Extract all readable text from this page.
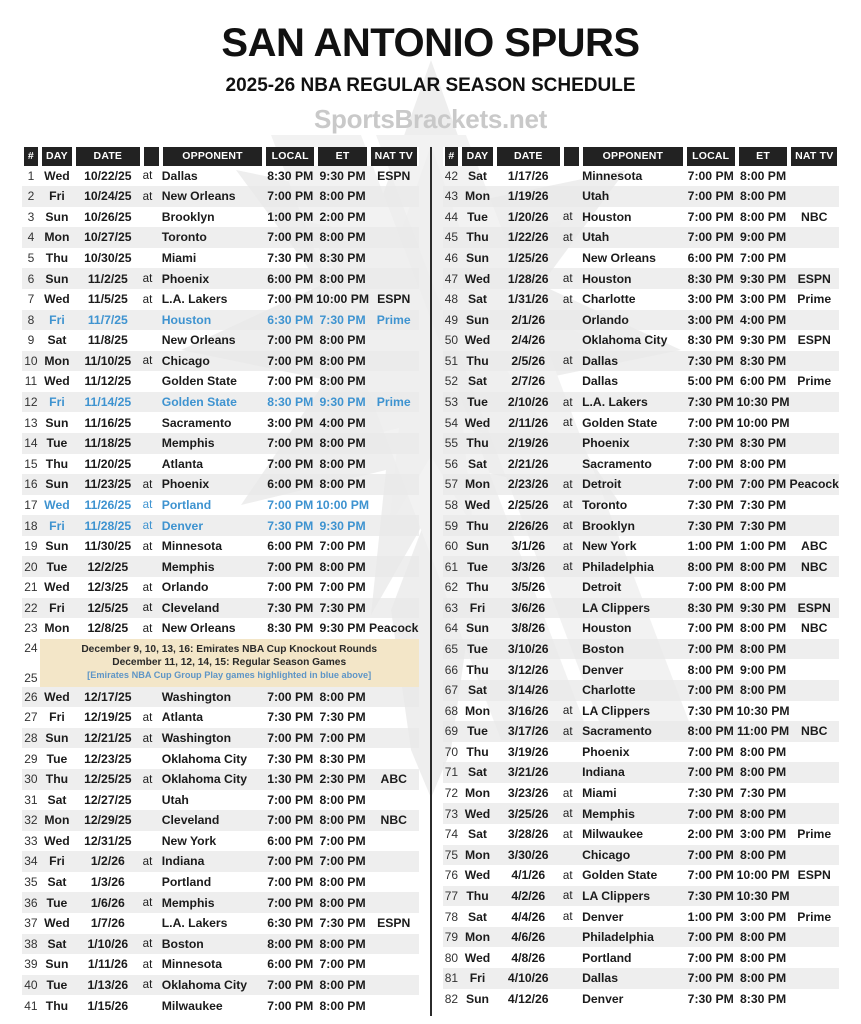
SAN ANTONIO SPURS
2025-26 NBA REGULAR SEASON SCHEDULE
SportsBrackets.net
#	DAY	DATE		OPPONENT	LOCAL	ET	NAT TV
1	Wed	10/22/25	at	Dallas	8:30 PM	9:30 PM	ESPN
2	Fri	10/24/25	at	New Orleans	7:00 PM	8:00 PM	
3	Sun	10/26/25		Brooklyn	1:00 PM	2:00 PM	
4	Mon	10/27/25		Toronto	7:00 PM	8:00 PM	
5	Thu	10/30/25		Miami	7:30 PM	8:30 PM	
6	Sun	11/2/25	at	Phoenix	6:00 PM	8:00 PM	
7	Wed	11/5/25	at	L.A. Lakers	7:00 PM	10:00 PM	ESPN
8	Fri	11/7/25		Houston	6:30 PM	7:30 PM	Prime
9	Sat	11/8/25		New Orleans	7:00 PM	8:00 PM	
10	Mon	11/10/25	at	Chicago	7:00 PM	8:00 PM	
11	Wed	11/12/25		Golden State	7:00 PM	8:00 PM	
12	Fri	11/14/25		Golden State	8:30 PM	9:30 PM	Prime
13	Sun	11/16/25		Sacramento	3:00 PM	4:00 PM	
14	Tue	11/18/25		Memphis	7:00 PM	8:00 PM	
15	Thu	11/20/25		Atlanta	7:00 PM	8:00 PM	
16	Sun	11/23/25	at	Phoenix	6:00 PM	8:00 PM	
17	Wed	11/26/25	at	Portland	7:00 PM	10:00 PM	
18	Fri	11/28/25	at	Denver	7:30 PM	9:30 PM	
19	Sun	11/30/25	at	Minnesota	6:00 PM	7:00 PM	
20	Tue	12/2/25		Memphis	7:00 PM	8:00 PM	
21	Wed	12/3/25	at	Orlando	7:00 PM	7:00 PM	
22	Fri	12/5/25	at	Cleveland	7:30 PM	7:30 PM	
23	Mon	12/8/25	at	New Orleans	8:30 PM	9:30 PM	Peacock

24
25

December 9, 10, 13, 16: Emirates NBA Cup Knockout Rounds
December 11, 12, 14, 15: Regular Season Games
[Emirates NBA Cup Group Play games highlighted in blue above]

26	Wed	12/17/25		Washington	7:00 PM	8:00 PM	
27	Fri	12/19/25	at	Atlanta	7:30 PM	7:30 PM	
28	Sun	12/21/25	at	Washington	7:00 PM	7:00 PM	
29	Tue	12/23/25		Oklahoma City	7:30 PM	8:30 PM	
30	Thu	12/25/25	at	Oklahoma City	1:30 PM	2:30 PM	ABC
31	Sat	12/27/25		Utah	7:00 PM	8:00 PM	
32	Mon	12/29/25		Cleveland	7:00 PM	8:00 PM	NBC
33	Wed	12/31/25		New York	6:00 PM	7:00 PM	
34	Fri	1/2/26	at	Indiana	7:00 PM	7:00 PM	
35	Sat	1/3/26		Portland	7:00 PM	8:00 PM	
36	Tue	1/6/26	at	Memphis	7:00 PM	8:00 PM	
37	Wed	1/7/26		L.A. Lakers	6:30 PM	7:30 PM	ESPN
38	Sat	1/10/26	at	Boston	8:00 PM	8:00 PM	
39	Sun	1/11/26	at	Minnesota	6:00 PM	7:00 PM	
40	Tue	1/13/26	at	Oklahoma City	7:00 PM	8:00 PM	
41	Thu	1/15/26		Milwaukee	7:00 PM	8:00 PM	
#	DAY	DATE		OPPONENT	LOCAL	ET	NAT TV
42	Sat	1/17/26		Minnesota	7:00 PM	8:00 PM	
43	Mon	1/19/26		Utah	7:00 PM	8:00 PM	
44	Tue	1/20/26	at	Houston	7:00 PM	8:00 PM	NBC
45	Thu	1/22/26	at	Utah	7:00 PM	9:00 PM	
46	Sun	1/25/26		New Orleans	6:00 PM	7:00 PM	
47	Wed	1/28/26	at	Houston	8:30 PM	9:30 PM	ESPN
48	Sat	1/31/26	at	Charlotte	3:00 PM	3:00 PM	Prime
49	Sun	2/1/26		Orlando	3:00 PM	4:00 PM	
50	Wed	2/4/26		Oklahoma City	8:30 PM	9:30 PM	ESPN
51	Thu	2/5/26	at	Dallas	7:30 PM	8:30 PM	
52	Sat	2/7/26		Dallas	5:00 PM	6:00 PM	Prime
53	Tue	2/10/26	at	L.A. Lakers	7:30 PM	10:30 PM	
54	Wed	2/11/26	at	Golden State	7:00 PM	10:00 PM	
55	Thu	2/19/26		Phoenix	7:30 PM	8:30 PM	
56	Sat	2/21/26		Sacramento	7:00 PM	8:00 PM	
57	Mon	2/23/26	at	Detroit	7:00 PM	7:00 PM	Peacock
58	Wed	2/25/26	at	Toronto	7:30 PM	7:30 PM	
59	Thu	2/26/26	at	Brooklyn	7:30 PM	7:30 PM	
60	Sun	3/1/26	at	New York	1:00 PM	1:00 PM	ABC
61	Tue	3/3/26	at	Philadelphia	8:00 PM	8:00 PM	NBC
62	Thu	3/5/26		Detroit	7:00 PM	8:00 PM	
63	Fri	3/6/26		LA Clippers	8:30 PM	9:30 PM	ESPN
64	Sun	3/8/26		Houston	7:00 PM	8:00 PM	NBC
65	Tue	3/10/26		Boston	7:00 PM	8:00 PM	
66	Thu	3/12/26		Denver	8:00 PM	9:00 PM	
67	Sat	3/14/26		Charlotte	7:00 PM	8:00 PM	
68	Mon	3/16/26	at	LA Clippers	7:30 PM	10:30 PM	
69	Tue	3/17/26	at	Sacramento	8:00 PM	11:00 PM	NBC
70	Thu	3/19/26		Phoenix	7:00 PM	8:00 PM	
71	Sat	3/21/26		Indiana	7:00 PM	8:00 PM	
72	Mon	3/23/26	at	Miami	7:30 PM	7:30 PM	
73	Wed	3/25/26	at	Memphis	7:00 PM	8:00 PM	
74	Sat	3/28/26	at	Milwaukee	2:00 PM	3:00 PM	Prime
75	Mon	3/30/26		Chicago	7:00 PM	8:00 PM	
76	Wed	4/1/26	at	Golden State	7:00 PM	10:00 PM	ESPN
77	Thu	4/2/26	at	LA Clippers	7:30 PM	10:30 PM	
78	Sat	4/4/26	at	Denver	1:00 PM	3:00 PM	Prime
79	Mon	4/6/26		Philadelphia	7:00 PM	8:00 PM	
80	Wed	4/8/26		Portland	7:00 PM	8:00 PM	
81	Fri	4/10/26		Dallas	7:00 PM	8:00 PM	
82	Sun	4/12/26		Denver	7:30 PM	8:30 PM	
